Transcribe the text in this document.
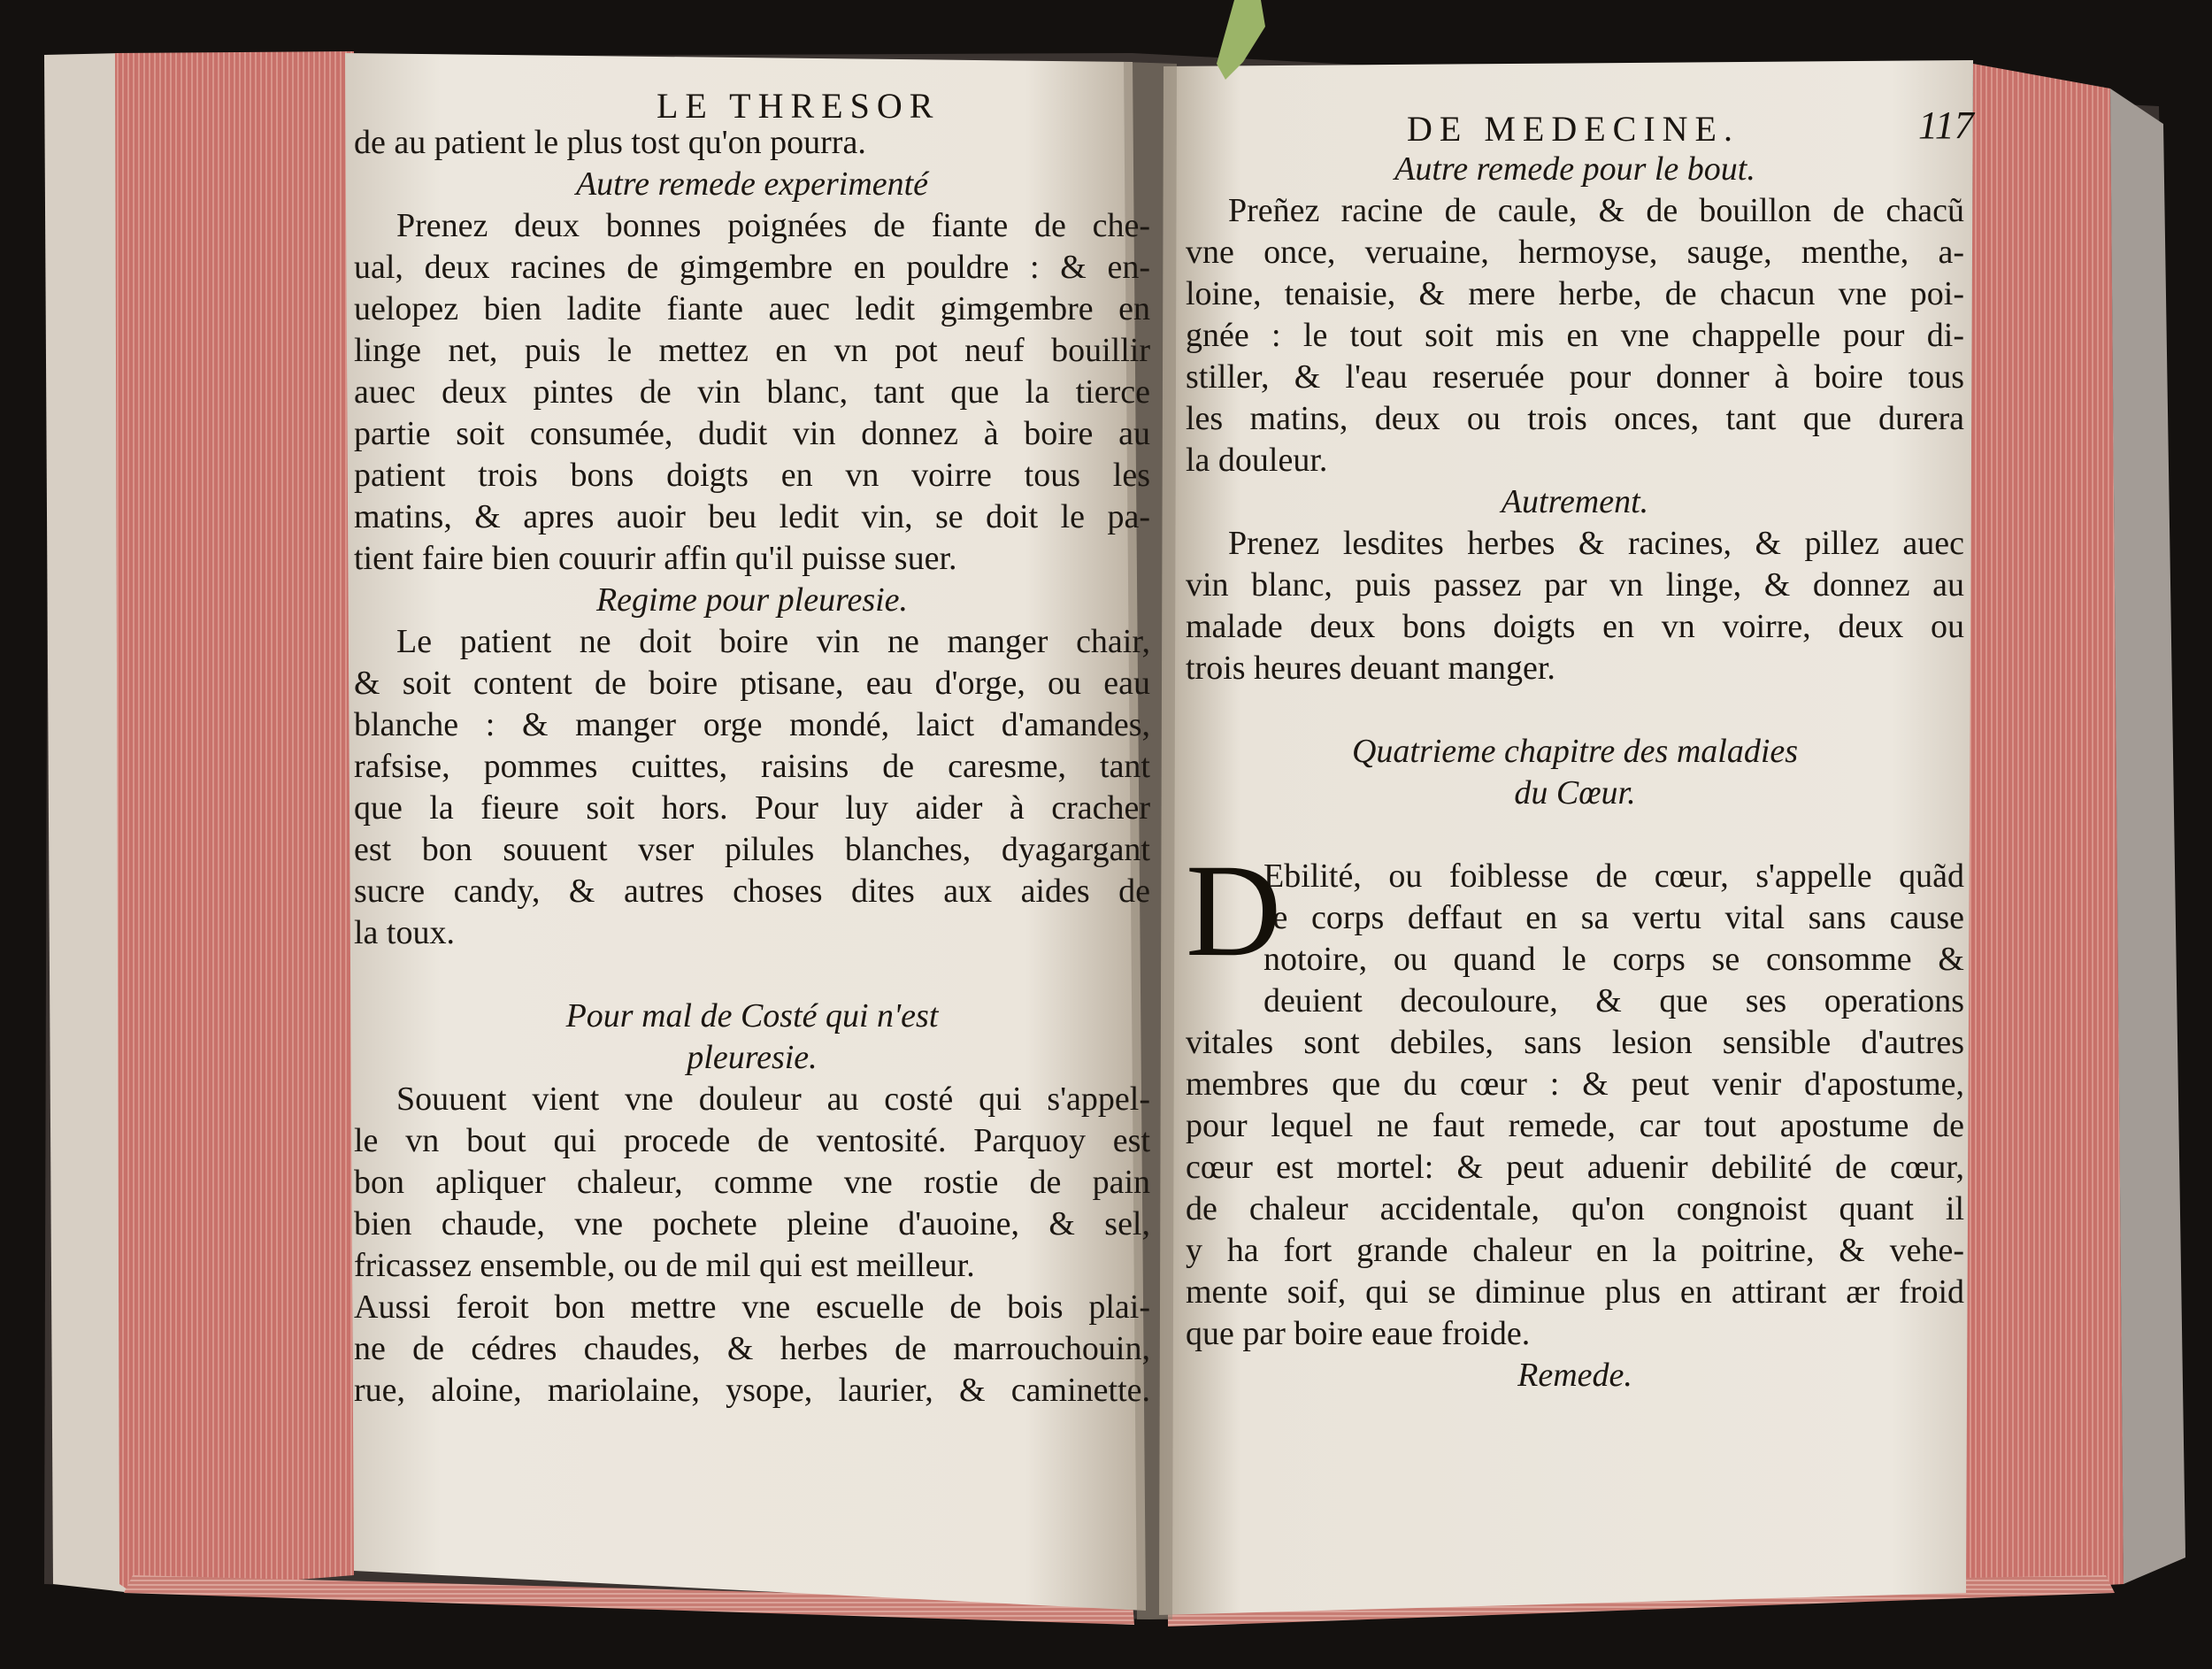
LE THRESOR
DE MEDECINE.	117
de au patient le plus tost qu'on pourra.
Autre remede experimenté
Prenez deux bonnes poignées de fiante de che-
ual, deux racines de gimgembre en pouldre : & en-
uelopez bien ladite fiante auec ledit gimgembre en
linge net, puis le mettez en vn pot neuf bouillir
auec deux pintes de vin blanc, tant que la tierce
partie soit consumée, dudit vin donnez à boire au
patient trois bons doigts en vn voirre tous les
matins, & apres auoir beu ledit vin, se doit le pa-
tient faire bien couurir affin qu'il puisse suer.
Regime pour pleuresie.
Le patient ne doit boire vin ne manger chair,
& soit content de boire ptisane, eau d'orge, ou eau
blanche : & manger orge mondé, laict d'amandes,
rafsise, pommes cuittes, raisins de caresme, tant
que la fieure soit hors. Pour luy aider à cracher
est bon souuent vser pilules blanches, dyagargant
sucre candy, & autres choses dites aux aides de
la toux.
Pour mal de Costé qui n'est
pleuresie.
Souuent vient vne douleur au costé qui s'appel-
le vn bout qui procede de ventosité. Parquoy est
bon apliquer chaleur, comme vne rostie de pain
bien chaude, vne pochete pleine d'auoine, & sel,
fricassez ensemble, ou de mil qui est meilleur.
Aussi feroit bon mettre vne escuelle de bois plai-
ne de cédres chaudes, & herbes de marrouchouin,
rue, aloine, mariolaine, ysope, laurier, & caminette.
Autre remede pour le bout.
Preñez racine de caule, & de bouillon de chacũ
vne once, veruaine, hermoyse, sauge, menthe, a-
loine, tenaisie, & mere herbe, de chacun vne poi-
gnée : le tout soit mis en vne chappelle pour di-
stiller, & l'eau reseruée pour donner à boire tous
les matins, deux ou trois onces, tant que durera
la douleur.
Autrement.
Prenez lesdites herbes & racines, & pillez auec
vin blanc, puis passez par vn linge, & donnez au
malade deux bons doigts en vn voirre, deux ou
trois heures deuant manger.
Quatrieme chapitre des maladies
du Cœur.
D
Ebilité, ou foiblesse de cœur, s'appelle quãd
le corps deffaut en sa vertu vital sans cause
notoire, ou quand le corps se consomme &
deuient decouloure, & que ses operations
vitales sont debiles, sans lesion sensible d'autres
membres que du cœur : & peut venir d'apostume,
pour lequel ne faut remede, car tout apostume de
cœur est mortel: & peut aduenir debilité de cœur,
de chaleur accidentale, qu'on congnoist quant il
y ha fort grande chaleur en la poitrine, & vehe-
mente soif, qui se diminue plus en attirant ær froid
que par boire eaue froide.
Remede.
